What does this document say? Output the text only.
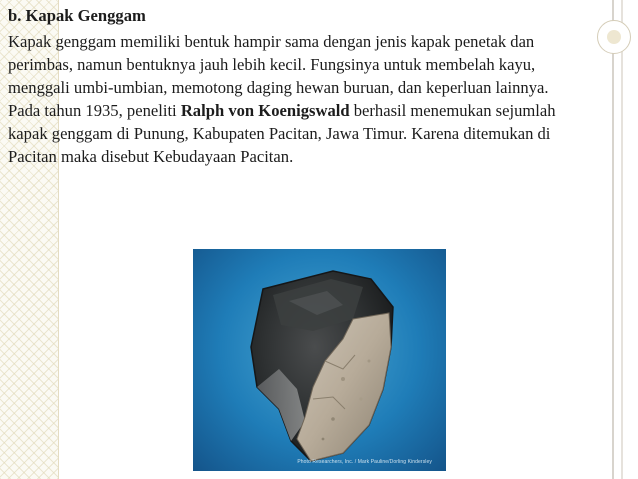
b. Kapak Genggam

Kapak genggam memiliki bentuk hampir sama dengan jenis kapak penetak dan perimbas, namun bentuknya jauh lebih kecil. Fungsinya untuk membelah kayu, menggali umbi-umbian, memotong daging hewan buruan, dan keperluan lainnya. Pada tahun 1935, peneliti Ralph von Koenigswald berhasil menemukan sejumlah kapak genggam di Punung, Kabupaten Pacitan, Jawa Timur. Karena ditemukan di Pacitan maka disebut Kebudayaan Pacitan.

Photo Researchers, Inc. / Mark Pauline/Dorling Kindersley
